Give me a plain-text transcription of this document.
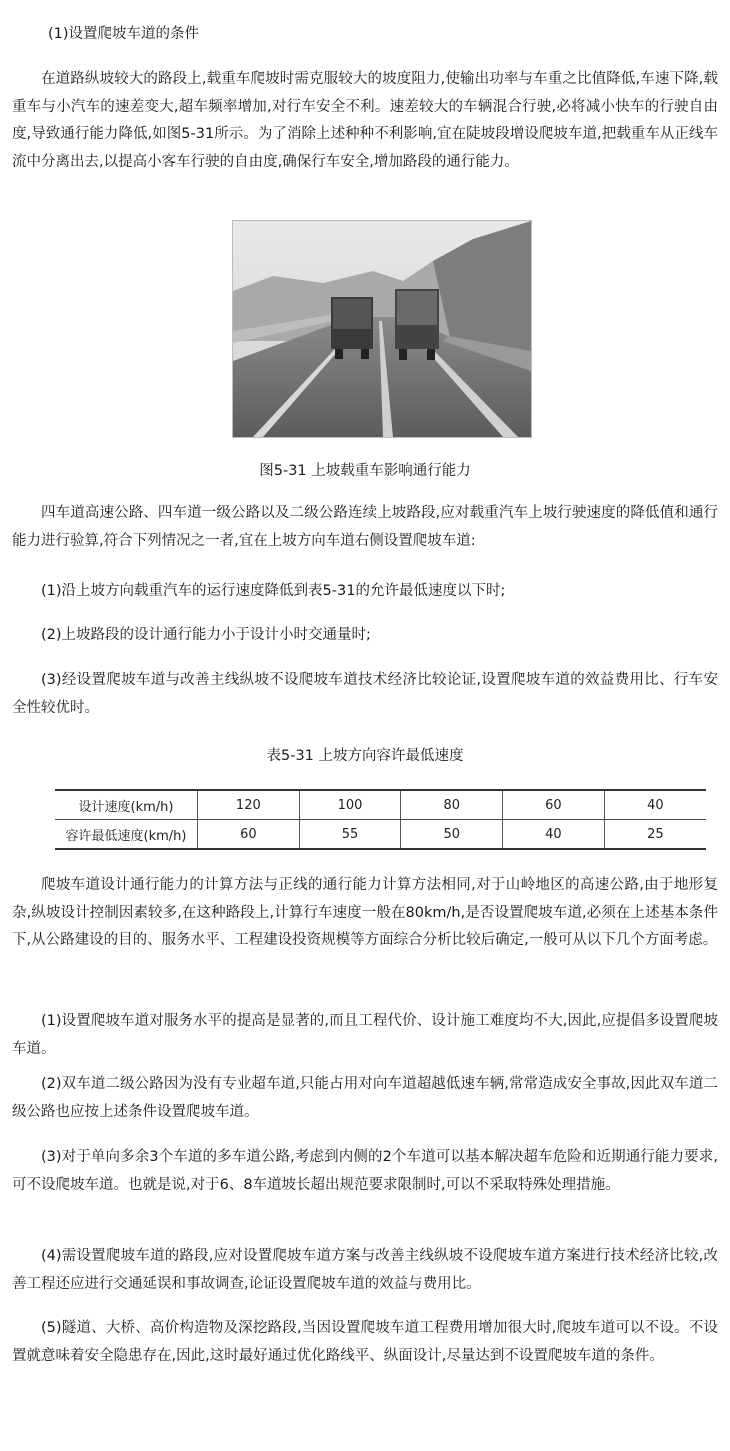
(1)设置爬坡车道的条件

在道路纵坡较大的路段上,载重车爬坡时需克服较大的坡度阻力,使输出功率与车重之比值降低,车速下降,载重车与小汽车的速差变大,超车频率增加,对行车安全不利。速差较大的车辆混合行驶,必将减小快车的行驶自由度,导致通行能力降低,如图5-31所示。为了消除上述种种不利影响,宜在陡坡段增设爬坡车道,把载重车从正线车流中分离出去,以提高小客车行驶的自由度,确保行车安全,增加路段的通行能力。

图5-31 上坡载重车影响通行能力

四车道高速公路、四车道一级公路以及二级公路连续上坡路段,应对载重汽车上坡行驶速度的降低值和通行能力进行验算,符合下列情况之一者,宜在上坡方向车道右侧设置爬坡车道:

(1)沿上坡方向载重汽车的运行速度降低到表5-31的允许最低速度以下时;

(2)上坡路段的设计通行能力小于设计小时交通量时;

(3)经设置爬坡车道与改善主线纵坡不设爬坡车道技术经济比较论证,设置爬坡车道的效益费用比、行车安全性较优时。

表5-31 上坡方向容许最低速度
设计速度(km/h)	120	100	80	60	40
容许最低速度(km/h)	60	55	50	40	25

爬坡车道设计通行能力的计算方法与正线的通行能力计算方法相同,对于山岭地区的高速公路,由于地形复杂,纵坡设计控制因素较多,在这种路段上,计算行车速度一般在80km/h,是否设置爬坡车道,必须在上述基本条件下,从公路建设的目的、服务水平、工程建设投资规模等方面综合分析比较后确定,一般可从以下几个方面考虑。

(1)设置爬坡车道对服务水平的提高是显著的,而且工程代价、设计施工难度均不大,因此,应提倡多设置爬坡车道。

(2)双车道二级公路因为没有专业超车道,只能占用对向车道超越低速车辆,常常造成安全事故,因此双车道二级公路也应按上述条件设置爬坡车道。

(3)对于单向多余3个车道的多车道公路,考虑到内侧的2个车道可以基本解决超车危险和近期通行能力要求,可不设爬坡车道。也就是说,对于6、8车道坡长超出规范要求限制时,可以不采取特殊处理措施。

(4)需设置爬坡车道的路段,应对设置爬坡车道方案与改善主线纵坡不设爬坡车道方案进行技术经济比较,改善工程还应进行交通延误和事故调查,论证设置爬坡车道的效益与费用比。

(5)隧道、大桥、高价构造物及深挖路段,当因设置爬坡车道工程费用增加很大时,爬坡车道可以不设。不设置就意味着安全隐患存在,因此,这时最好通过优化路线平、纵面设计,尽量达到不设置爬坡车道的条件。
